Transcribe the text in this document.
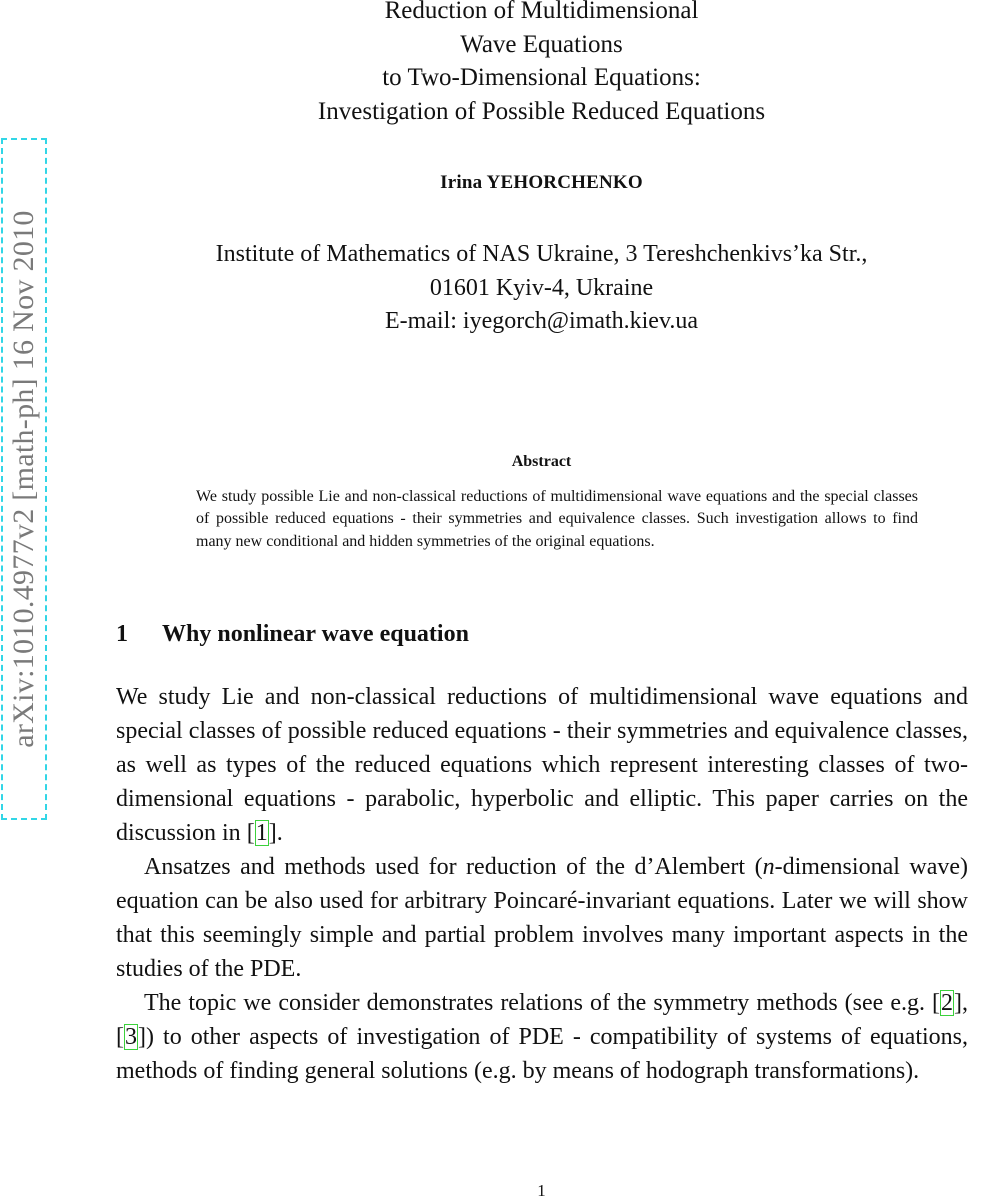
arXiv:1010.4977v2 [math-ph] 16 Nov 2010
Reduction of Multidimensional
Wave Equations
to Two-Dimensional Equations:
Investigation of Possible Reduced Equations
Irina YEHORCHENKO
Institute of Mathematics of NAS Ukraine, 3 Tereshchenkivs’ka Str.,
01601 Kyiv-4, Ukraine
E-mail: iyegorch@imath.kiev.ua
Abstract
We study possible Lie and non-classical reductions of multidimensional wave equations and the special classes of possible reduced equations - their symmetries and equivalence classes. Such investigation allows to find many new conditional and hidden symmetries of the original equations.
1 Why nonlinear wave equation

We study Lie and non-classical reductions of multidimensional wave equations and special classes of possible reduced equations - their symmetries and equivalence classes, as well as types of the reduced equations which represent interesting classes of two-dimensional equations - parabolic, hyperbolic and elliptic. This paper carries on the discussion in [1].

Ansatzes and methods used for reduction of the d’Alembert (n-dimensional wave) equation can be also used for arbitrary Poincaré-invariant equations. Later we will show that this seemingly simple and partial problem involves many important aspects in the studies of the PDE.

The topic we consider demonstrates relations of the symmetry methods (see e.g. [2], [3]) to other aspects of investigation of PDE - compatibility of systems of equations, methods of finding general solutions (e.g. by means of hodograph transformations).

1
